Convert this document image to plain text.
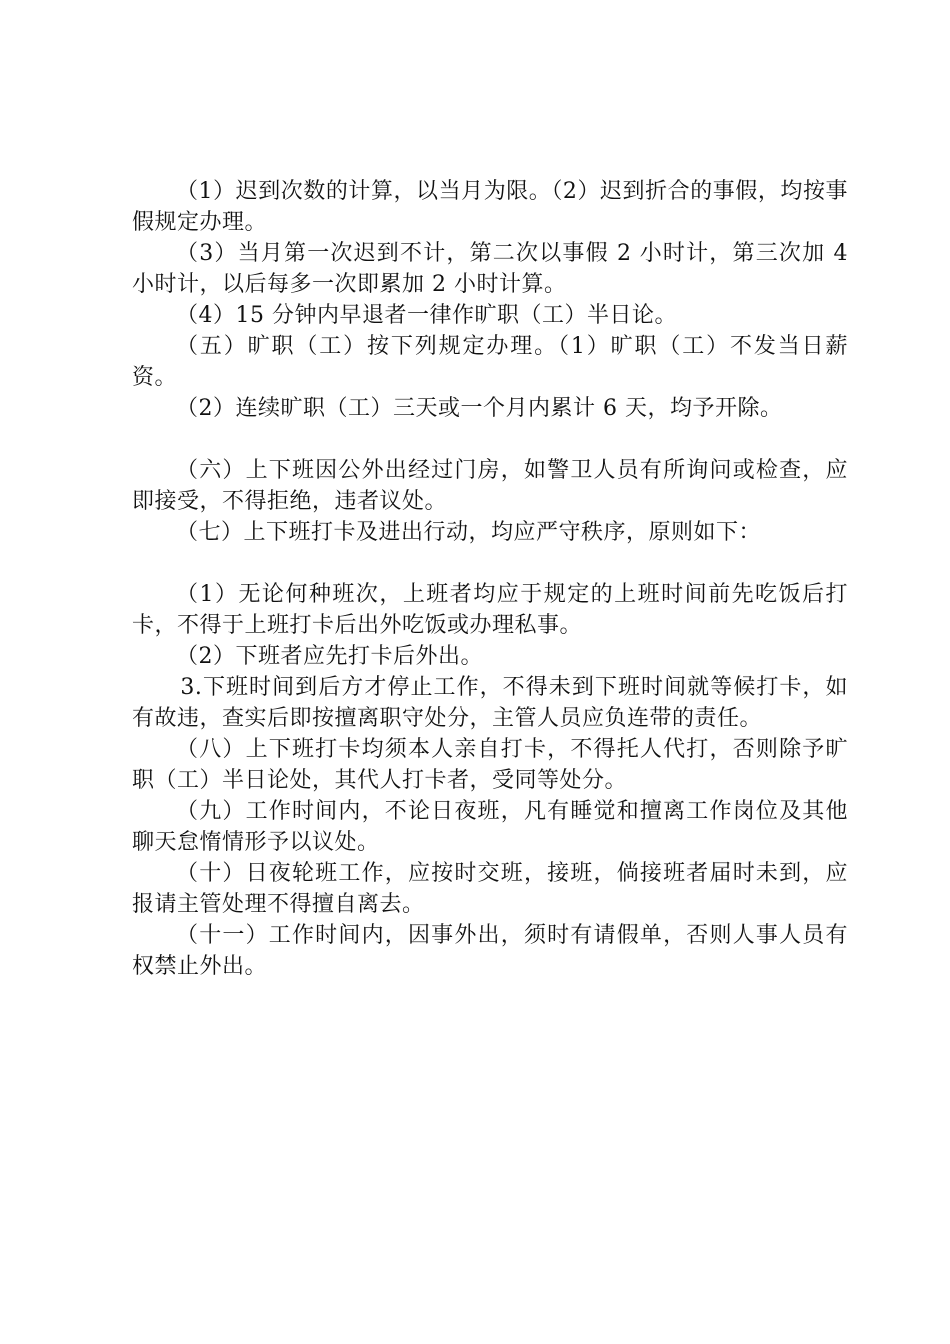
（1）迟到次数的计算，以当月为限。（2）迟到折合的事假，均按事假规定办理。

（3）当月第一次迟到不计，第二次以事假 2 小时计，第三次加 4 小时计，以后每多一次即累加 2 小时计算。

（4）15 分钟内早退者一律作旷职（工）半日论。

（五）旷职（工）按下列规定办理。（1）旷职（工）不发当日薪资。

（2）连续旷职（工）三天或一个月内累计 6 天，均予开除。

（六）上下班因公外出经过门房，如警卫人员有所询问或检查，应即接受，不得拒绝，违者议处。

（七）上下班打卡及进出行动，均应严守秩序，原则如下：

（1）无论何种班次，上班者均应于规定的上班时间前先吃饭后打卡，不得于上班打卡后出外吃饭或办理私事。

（2）下班者应先打卡后外出。

3.下班时间到后方才停止工作，不得未到下班时间就等候打卡，如有故违，查实后即按擅离职守处分，主管人员应负连带的责任。

（八）上下班打卡均须本人亲自打卡，不得托人代打，否则除予旷职（工）半日论处，其代人打卡者，受同等处分。

（九）工作时间内，不论日夜班，凡有睡觉和擅离工作岗位及其他聊天怠惰情形予以议处。

（十）日夜轮班工作，应按时交班，接班，倘接班者届时未到，应报请主管处理不得擅自离去。

（十一）工作时间内，因事外出，须时有请假单，否则人事人员有权禁止外出。
